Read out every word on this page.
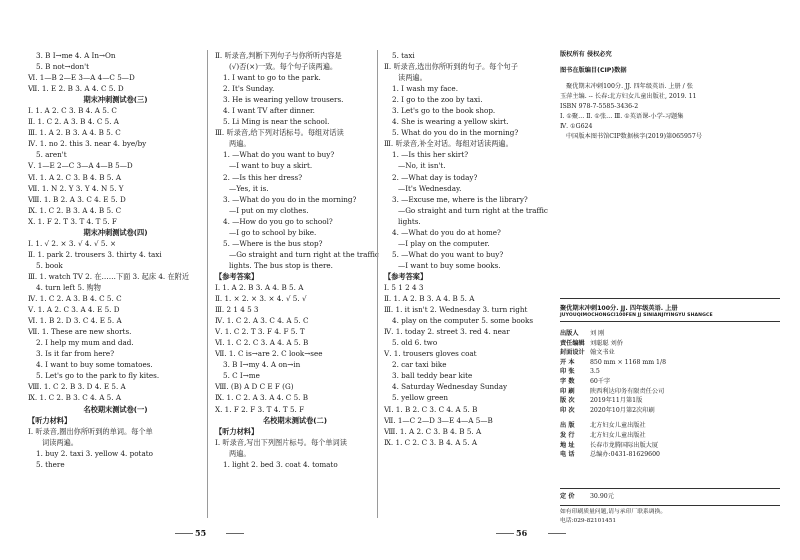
3. B I→me 4. A In→On
5. B not→don't
Ⅵ. 1—B 2—E 3—A 4—C 5—D
Ⅶ. 1. E 2. B 3. A 4. C 5. D
期末冲刺测试卷(三)
Ⅰ. 1. A 2. C 3. B 4. A 5. C
Ⅱ. 1. C 2. A 3. B 4. C 5. A
Ⅲ. 1. A 2. B 3. A 4. B 5. C
Ⅳ. 1. no 2. this 3. near 4. bye/by
5. aren't
Ⅴ. 1—E 2—C 3—A 4—B 5—D
Ⅵ. 1. A 2. C 3. B 4. B 5. A
Ⅶ. 1. N 2. Y 3. Y 4. N 5. Y
Ⅷ. 1. B 2. A 3. C 4. E 5. D
Ⅸ. 1. C 2. B 3. A 4. B 5. C
Ⅹ. 1. F 2. T 3. T 4. T 5. F
期末冲刺测试卷(四)
Ⅰ. 1. √ 2. × 3. √ 4. √ 5. ×
Ⅱ. 1. park 2. trousers 3. thirty 4. taxi
5. book
Ⅲ. 1. watch TV 2. 在……下面 3. 起床 4. 在附近
4. turn left 5. 购物
Ⅳ. 1. C 2. A 3. B 4. C 5. C
Ⅴ. 1. A 2. C 3. A 4. E 5. D
Ⅵ. 1. B 2. D 3. C 4. E 5. A
Ⅶ. 1. These are new shorts.
2. I help my mum and dad.
3. Is it far from here?
4. I want to buy some tomatoes.
5. Let's go to the park to fly kites.
Ⅷ. 1. C 2. B 3. D 4. E 5. A
Ⅸ. 1. C 2. B 3. C 4. A 5. A
名校期末测试卷(一)
【听力材料】
Ⅰ. 听录音,圈出你所听到的单词。每个单
词读两遍。
1. buy 2. taxi 3. yellow 4. potato
5. there
Ⅱ. 听录音,判断下列句子与你所听内容是
(√)否(×)一致。每个句子读两遍。
1. I want to go to the park.
2. It's Sunday.
3. He is wearing yellow trousers.
4. I want TV after dinner.
5. Li Ming is near the school.
Ⅲ. 听录音,给下列对话标号。每组对话读
两遍。
1. —What do you want to buy?
—I want to buy a skirt.
2. —Is this her dress?
—Yes, it is.
3. —What do you do in the morning?
—I put on my clothes.
4. —How do you go to school?
—I go to school by bike.
5. —Where is the bus stop?
—Go straight and turn right at the traffic
lights. The bus stop is there.
【参考答案】
Ⅰ. 1. A 2. B 3. A 4. B 5. A
Ⅱ. 1. × 2. × 3. × 4. √ 5. √
Ⅲ. 2 1 4 5 3
Ⅳ. 1. C 2. A 3. C 4. A 5. C
Ⅴ. 1. C 2. T 3. F 4. F 5. T
Ⅵ. 1. C 2. C 3. A 4. A 5. B
Ⅶ. 1. C is→are 2. C look→see
3. B I→my 4. A on→in
5. C I→me
Ⅷ. (B) A D C E F (G)
Ⅸ. 1. C 2. A 3. A 4. C 5. B
Ⅹ. 1. F 2. F 3. T 4. T 5. F
名校期末测试卷(二)
【听力材料】
Ⅰ. 听录音,写出下列图片标号。每个单词读
两遍。
1. light 2. bed 3. coat 4. tomato
5. taxi
Ⅱ. 听录音,选出你所听到的句子。每个句子
读两遍。
1. I wash my face.
2. I go to the zoo by taxi.
3. Let's go to the book shop.
4. She is wearing a yellow skirt.
5. What do you do in the morning?
Ⅲ. 听录音,补全对话。每组对话读两遍。
1. —Is this her skirt?
—No, it isn't.
2. —What day is today?
—It's Wednesday.
3. —Excuse me, where is the library?
—Go straight and turn right at the traffic
lights.
4. —What do you do at home?
—I play on the computer.
5. —What do you want to buy?
—I want to buy some books.
【参考答案】
Ⅰ. 5 1 2 4 3
Ⅱ. 1. A 2. B 3. A 4. B 5. A
Ⅲ. 1. it isn't 2. Wednesday 3. turn right
4. play on the computer 5. some books
Ⅳ. 1. today 2. street 3. red 4. near
5. old 6. two
Ⅴ. 1. trousers gloves coat
2. car taxi bike
3. ball teddy bear kite
4. Saturday Wednesday Sunday
5. yellow green
Ⅵ. 1. B 2. C 3. C 4. A 5. B
Ⅶ. 1—C 2—D 3—E 4—A 5—B
Ⅷ. 1. A 2. C 3. B 4. B 5. A
Ⅸ. 1. C 2. C 3. B 4. A 5. A
55	56
版权所有 侵权必究
图书在版编目(CIP)数据
聚优期末冲刺100分. JJ. 四年级英语. 上册 / 张
玉萍主编. -- 长春:北方妇女儿童出版社, 2019. 11
ISBN 978-7-5585-3436-2
Ⅰ. ①聚… Ⅱ. ①张… Ⅲ. ①英语课-小学-习题集
Ⅳ. ①G624
中国版本图书馆CIP数据核字(2019)第065957号
聚优期末冲刺100分. JJ. 四年级英语. 上册
JUYOUQIMOCHONGCI100FEN JJ SINIANJIYINGYU SHANGCE
出版人 刘 刚
责任编辑 刘聪聪 刘侨
封面设计 翰文书业
开 本 850 mm × 1168 mm 1/8
印 张 3.5
字 数 60千字
印 刷 陕西利达印务有限责任公司
版 次 2019年11月第1版
印 次 2020年10月第2次印刷
出 版 北方妇女儿童出版社
发 行 北方妇女儿童出版社
地 址 长春市龙腾国际出版大厦
电 话 总编办:0431-81629600
定 价 30.90元
如有印刷质量问题,请与承印厂联系调换。
电话:029-82101451
